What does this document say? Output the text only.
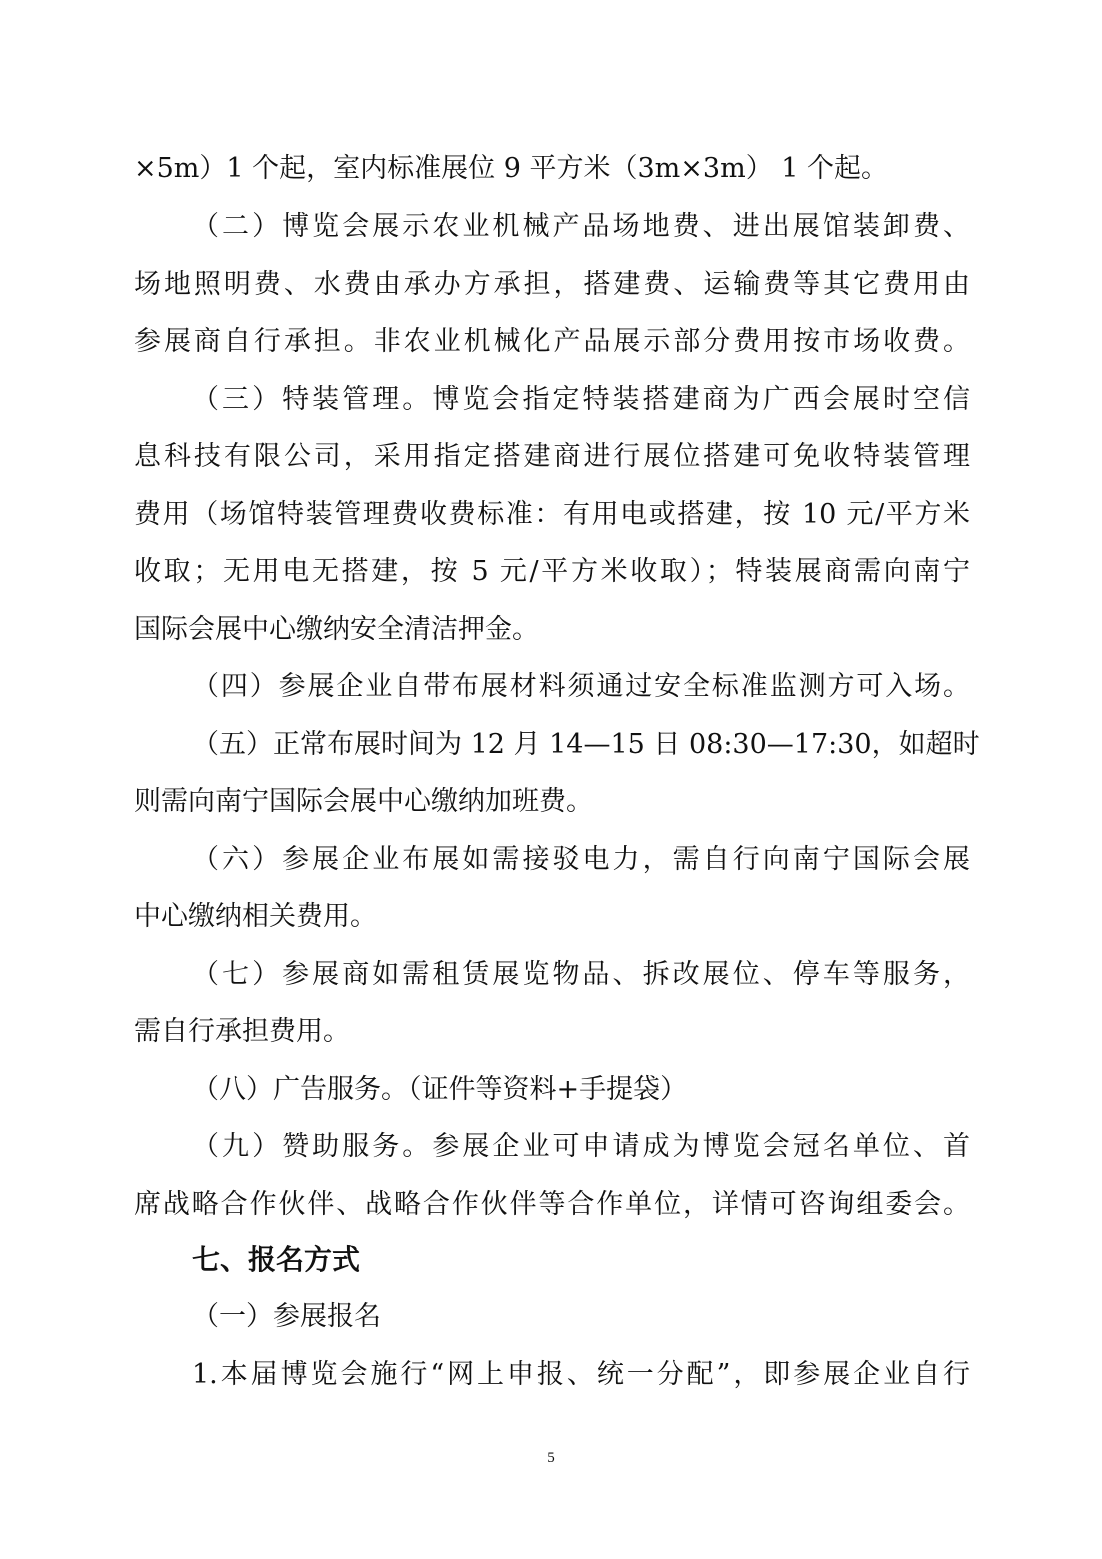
×5m）1 个起，室内标准展位 9 平方米（3m×3m） 1 个起。
（二）博览会展示农业机械产品场地费、进出展馆装卸费、
场地照明费、水费由承办方承担，搭建费、运输费等其它费用由
参展商自行承担。非农业机械化产品展示部分费用按市场收费。
（三）特装管理。博览会指定特装搭建商为广西会展时空信
息科技有限公司，采用指定搭建商进行展位搭建可免收特装管理
费用（场馆特装管理费收费标准：有用电或搭建，按 10 元/平方米
收取；无用电无搭建，按 5 元/平方米收取）；特装展商需向南宁
国际会展中心缴纳安全清洁押金。
（四）参展企业自带布展材料须通过安全标准监测方可入场。
（五）正常布展时间为 12 月 14—15 日 08:30—17:30，如超时
则需向南宁国际会展中心缴纳加班费。
（六）参展企业布展如需接驳电力，需自行向南宁国际会展
中心缴纳相关费用。
（七）参展商如需租赁展览物品、拆改展位、停车等服务，
需自行承担费用。
（八）广告服务。（证件等资料+手提袋）
（九）赞助服务。参展企业可申请成为博览会冠名单位、首
席战略合作伙伴、战略合作伙伴等合作单位，详情可咨询组委会。
七、报名方式
（一）参展报名
1.本届博览会施行“网上申报、统一分配”，即参展企业自行
5
